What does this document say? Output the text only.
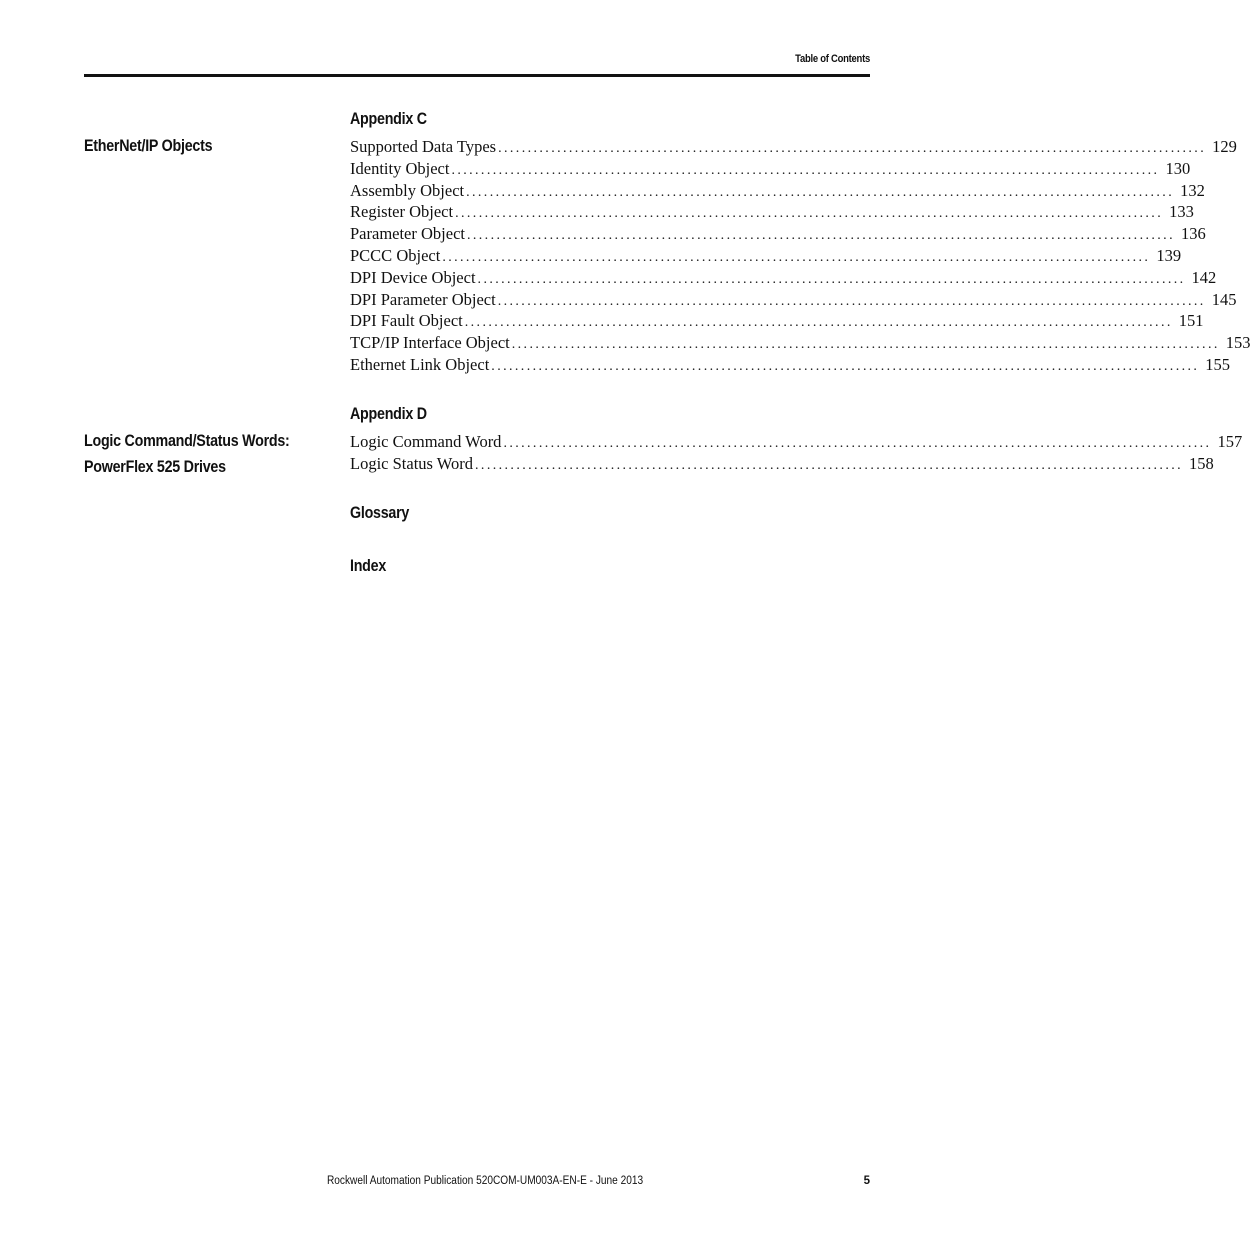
Table of Contents
Appendix C
EtherNet/IP Objects	Supported Data Types ........................................................................................................................ 129
Identity Object ........................................................................................................................ 130
Assembly Object ........................................................................................................................ 132
Register Object ........................................................................................................................ 133
Parameter Object ........................................................................................................................ 136
PCCC Object ........................................................................................................................ 139
DPI Device Object ........................................................................................................................ 142
DPI Parameter Object ........................................................................................................................ 145
DPI Fault Object ........................................................................................................................ 151
TCP/IP Interface Object ........................................................................................................................ 153
Ethernet Link Object ........................................................................................................................ 155
Appendix D
Logic Command/Status Words:
PowerFlex 525 Drives
Logic Command Word ........................................................................................................................ 157
Logic Status Word ........................................................................................................................ 158
Glossary
Index
Rockwell Automation Publication 520COM-UM003A-EN-E - June 2013	5
